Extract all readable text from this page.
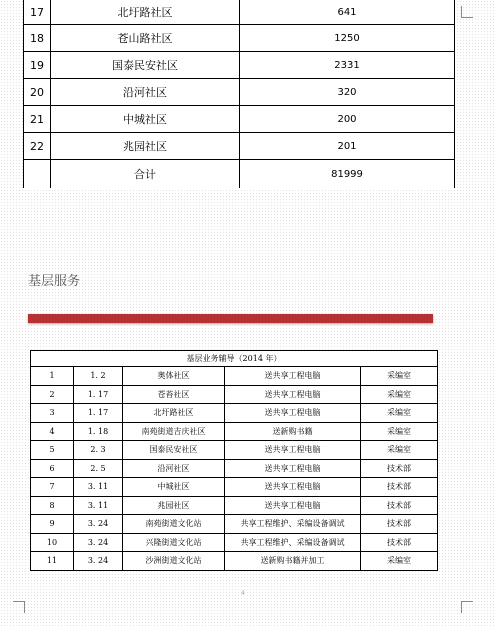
17	北圩路社区	641
18	苍山路社区	1250
19	国泰民安社区	2331
20	沿河社区	320
21	中城社区	200
22	兆园社区	201
	合计	81999
基层服务
基层业务辅导（2014 年）				
1	1. 2	奥体社区	送共享工程电脑	采编室
2	1. 17	苍苔社区	送共享工程电脑	采编室
3	1. 17	北圩路社区	送共享工程电脑	采编室
4	1. 18	南苑街道吉庆社区	送新购书籍	采编室
5	2. 3	国泰民安社区	送共享工程电脑	采编室
6	2. 5	沿河社区	送共享工程电脑	技术部
7	3. 11	中城社区	送共享工程电脑	技术部
8	3. 11	兆园社区	送共享工程电脑	技术部
9	3. 24	南苑街道文化站	共享工程维护、采编设备调试	技术部
10	3. 24	兴隆街道文化站	共享工程维护、采编设备调试	技术部
11	3. 24	沙洲街道文化站	送新购书籍并加工	采编室
4
